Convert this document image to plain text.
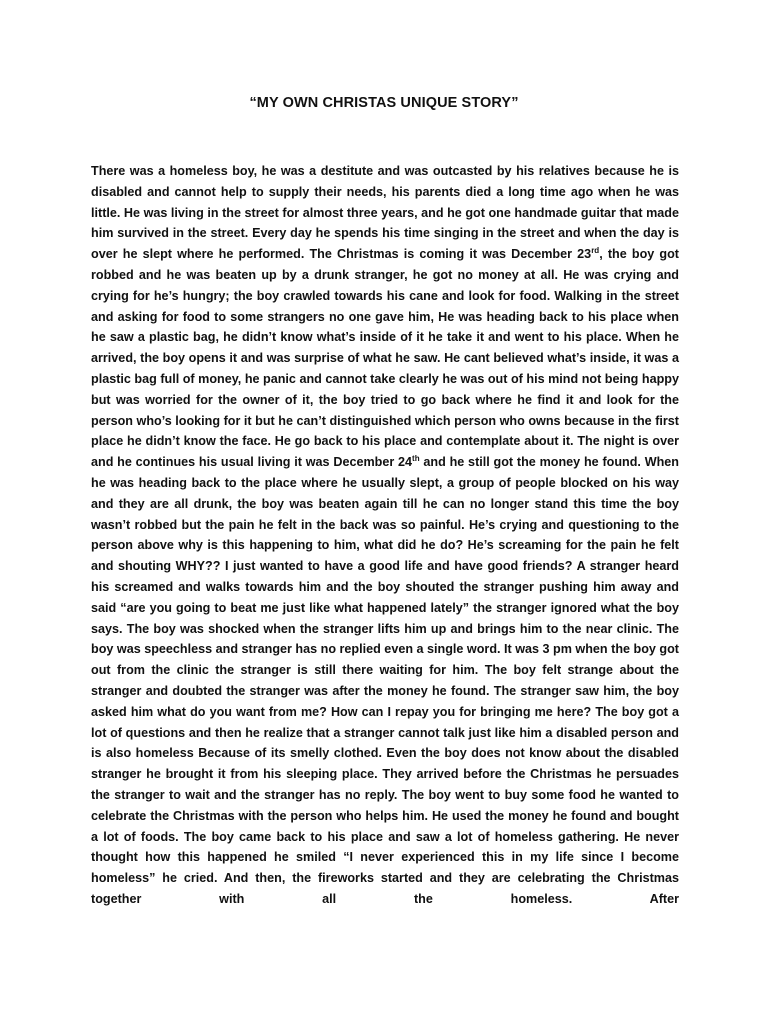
“MY OWN CHRISTAS UNIQUE STORY”
There was a homeless boy, he was a destitute and was outcasted by his relatives because he is disabled and cannot help to supply their needs, his parents died a long time ago when he was little. He was living in the street for almost three years, and he got one handmade guitar that made him survived in the street. Every day he spends his time singing in the street and when the day is over he slept where he performed. The Christmas is coming it was December 23rd, the boy got robbed and he was beaten up by a drunk stranger, he got no money at all. He was crying and crying for he’s hungry; the boy crawled towards his cane and look for food. Walking in the street and asking for food to some strangers no one gave him, He was heading back to his place when he saw a plastic bag, he didn’t know what’s inside of it he take it and went to his place. When he arrived, the boy opens it and was surprise of what he saw. He cant believed what’s inside, it was a plastic bag full of money, he panic and cannot take clearly he was out of his mind not being happy but was worried for the owner of it, the boy tried to go back where he find it and look for the person who’s looking for it but he can’t distinguished which person who owns because in the first place he didn’t know the face. He go back to his place and contemplate about it. The night is over and he continues his usual living it was December 24th and he still got the money he found. When he was heading back to the place where he usually slept, a group of people blocked on his way and they are all drunk, the boy was beaten again till he can no longer stand this time the boy wasn’t robbed but the pain he felt in the back was so painful. He’s crying and questioning to the person above why is this happening to him, what did he do? He’s screaming for the pain he felt and shouting WHY?? I just wanted to have a good life and have good friends? A stranger heard his screamed and walks towards him and the boy shouted the stranger pushing him away and said “are you going to beat me just like what happened lately” the stranger ignored what the boy says. The boy was shocked when the stranger lifts him up and brings him to the near clinic. The boy was speechless and stranger has no replied even a single word. It was 3 pm when the boy got out from the clinic the stranger is still there waiting for him. The boy felt strange about the stranger and doubted the stranger was after the money he found. The stranger saw him, the boy asked him what do you want from me? How can I repay you for bringing me here? The boy got a lot of questions and then he realize that a stranger cannot talk just like him a disabled person and is also homeless Because of its smelly clothed. Even the boy does not know about the disabled stranger he brought it from his sleeping place. They arrived before the Christmas he persuades the stranger to wait and the stranger has no reply. The boy went to buy some food he wanted to celebrate the Christmas with the person who helps him. He used the money he found and bought a lot of foods. The boy came back to his place and saw a lot of homeless gathering. He never thought how this happened he smiled “I never experienced this in my life since I become homeless” he cried. And then, the fireworks started and they are celebrating the Christmas together with all the homeless. After
